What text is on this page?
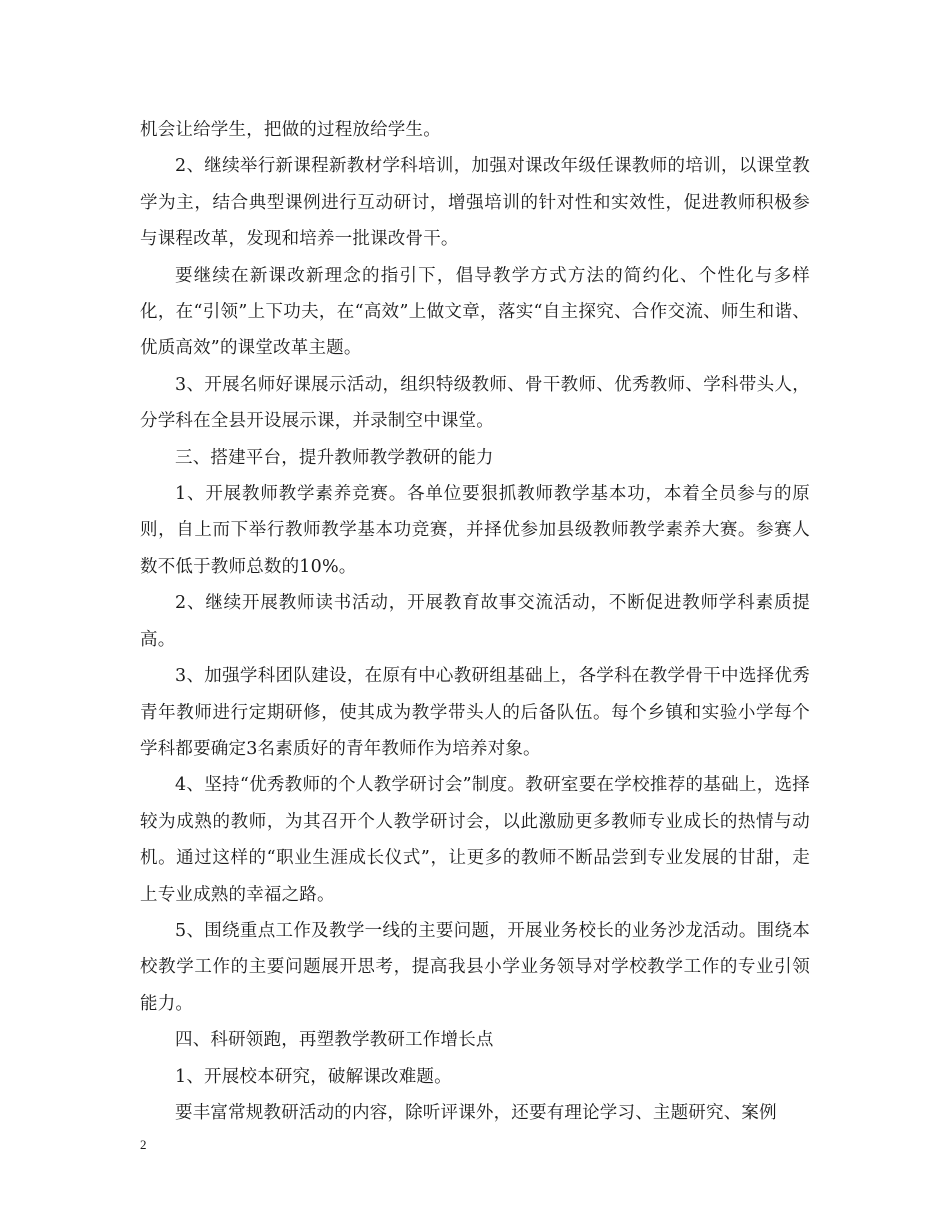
机会让给学生，把做的过程放给学生。

2、继续举行新课程新教材学科培训，加强对课改年级任课教师的培训，以课堂教学为主，结合典型课例进行互动研讨，增强培训的针对性和实效性，促进教师积极参与课程改革，发现和培养一批课改骨干。

要继续在新课改新理念的指引下，倡导教学方式方法的简约化、个性化与多样化，在“引领”上下功夫，在“高效”上做文章，落实“自主探究、合作交流、师生和谐、优质高效”的课堂改革主题。

3、开展名师好课展示活动，组织特级教师、骨干教师、优秀教师、学科带头人，分学科在全县开设展示课，并录制空中课堂。

三、搭建平台，提升教师教学教研的能力

1、开展教师教学素养竞赛。各单位要狠抓教师教学基本功，本着全员参与的原则，自上而下举行教师教学基本功竞赛，并择优参加县级教师教学素养大赛。参赛人数不低于教师总数的10%。

2、继续开展教师读书活动，开展教育故事交流活动，不断促进教师学科素质提高。

3、加强学科团队建设，在原有中心教研组基础上，各学科在教学骨干中选择优秀青年教师进行定期研修，使其成为教学带头人的后备队伍。每个乡镇和实验小学每个学科都要确定3名素质好的青年教师作为培养对象。

4、坚持“优秀教师的个人教学研讨会”制度。教研室要在学校推荐的基础上，选择较为成熟的教师，为其召开个人教学研讨会，以此激励更多教师专业成长的热情与动机。通过这样的“职业生涯成长仪式”，让更多的教师不断品尝到专业发展的甘甜，走上专业成熟的幸福之路。

5、围绕重点工作及教学一线的主要问题，开展业务校长的业务沙龙活动。围绕本校教学工作的主要问题展开思考，提高我县小学业务领导对学校教学工作的专业引领能力。

四、科研领跑，再塑教学教研工作增长点

1、开展校本研究，破解课改难题。

要丰富常规教研活动的内容，除听评课外，还要有理论学习、主题研究、案例

2
